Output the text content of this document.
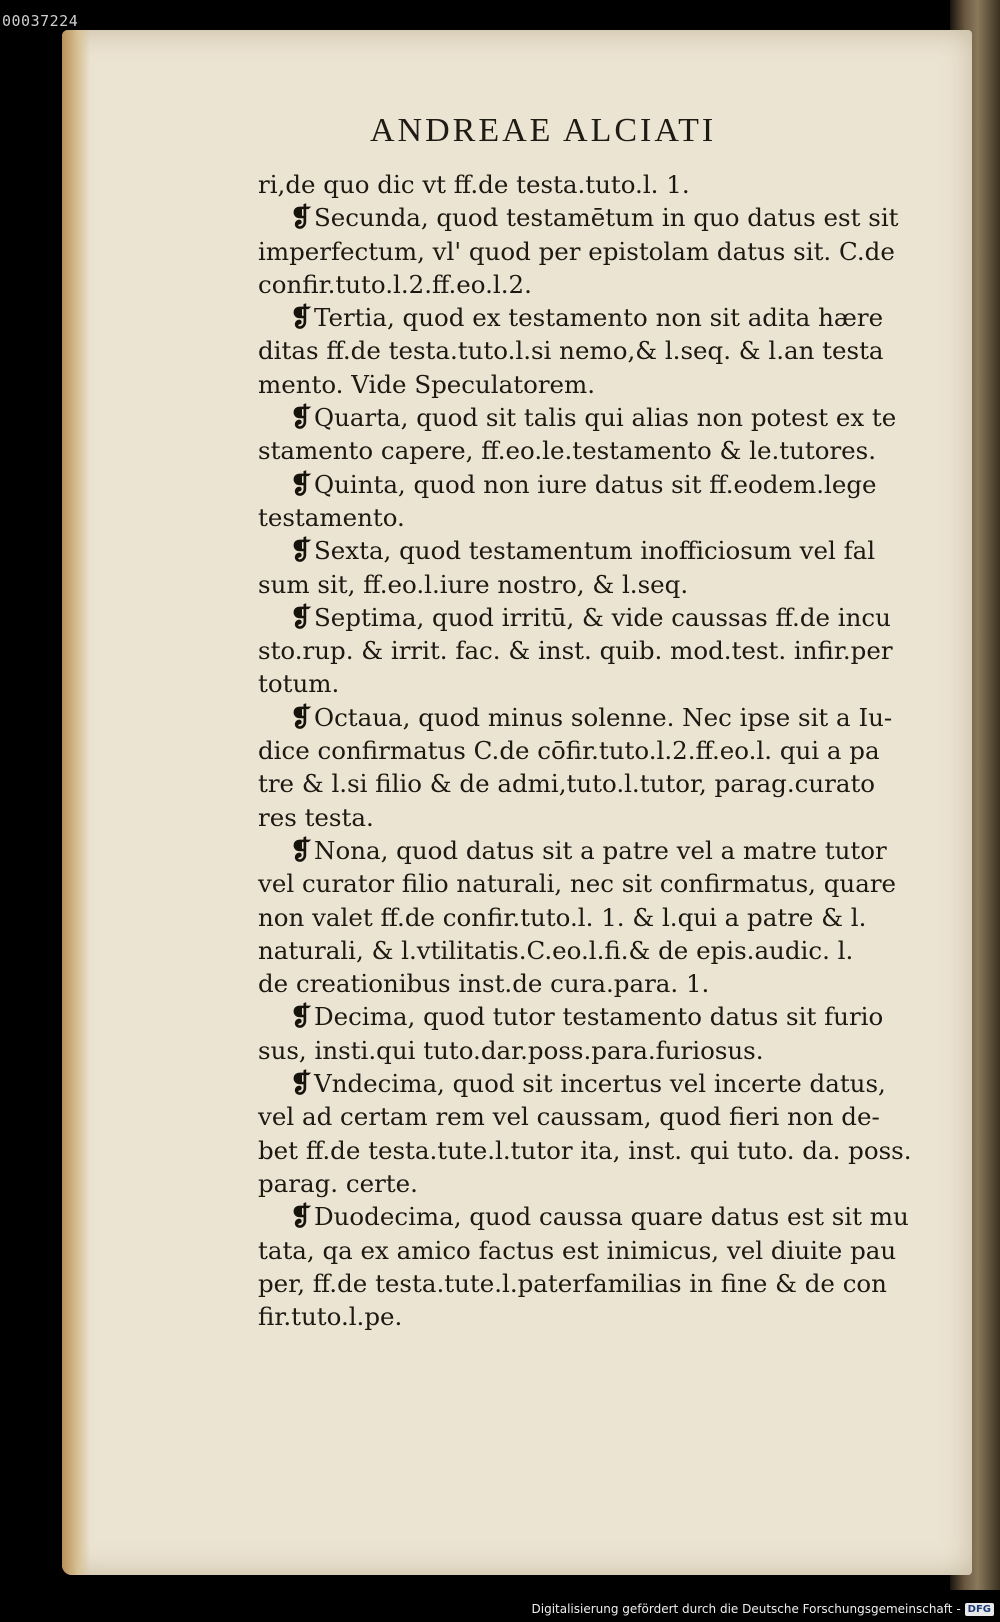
00037224
ANDREAE ALCIATI
ri,de quo dic vt ff.de testa.tuto.l. 1.
❡Secunda, quod testamētum in quo datus est sit
imperfectum, vl' quod per epistolam datus sit. C.de
confir.tuto.l.2.ff.eo.l.2.
❡Tertia, quod ex testamento non sit adita hære
ditas ff.de testa.tuto.l.si nemo,& l.seq. & l.an testa
mento. Vide Speculatorem.
❡Quarta, quod sit talis qui alias non potest ex te
stamento capere, ff.eo.le.testamento & le.tutores.
❡Quinta, quod non iure datus sit ff.eodem.lege
testamento.
❡Sexta, quod testamentum inofficiosum vel fal
sum sit, ff.eo.l.iure nostro, & l.seq.
❡Septima, quod irritū, & vide caussas ff.de incu
sto.rup. & irrit. fac. & inst. quib. mod.test. infir.per
totum.
❡Octaua, quod minus solenne. Nec ipse sit a Iu-
dice confirmatus C.de cōfir.tuto.l.2.ff.eo.l. qui a pa
tre & l.si filio & de admi,tuto.l.tutor, parag.curato
res testa.
❡Nona, quod datus sit a patre vel a matre tutor
vel curator filio naturali, nec sit confirmatus, quare
non valet ff.de confir.tuto.l. 1. & l.qui a patre & l.
naturali, & l.vtilitatis.C.eo.l.fi.& de epis.audic. l.
de creationibus inst.de cura.para. 1.
❡Decima, quod tutor testamento datus sit furio
sus, insti.qui tuto.dar.poss.para.furiosus.
❡Vndecima, quod sit incertus vel incerte datus,
vel ad certam rem vel caussam, quod fieri non de-
bet ff.de testa.tute.l.tutor ita, inst. qui tuto. da. poss.
parag. certe.
❡Duodecima, quod caussa quare datus est sit mu
tata, qa ex amico factus est inimicus, vel diuite pau
per, ff.de testa.tute.l.paterfamilias in fine & de con
fir.tuto.l.pe.
Digitalisierung gefördert durch die Deutsche Forschungsgemeinschaft - DFG
